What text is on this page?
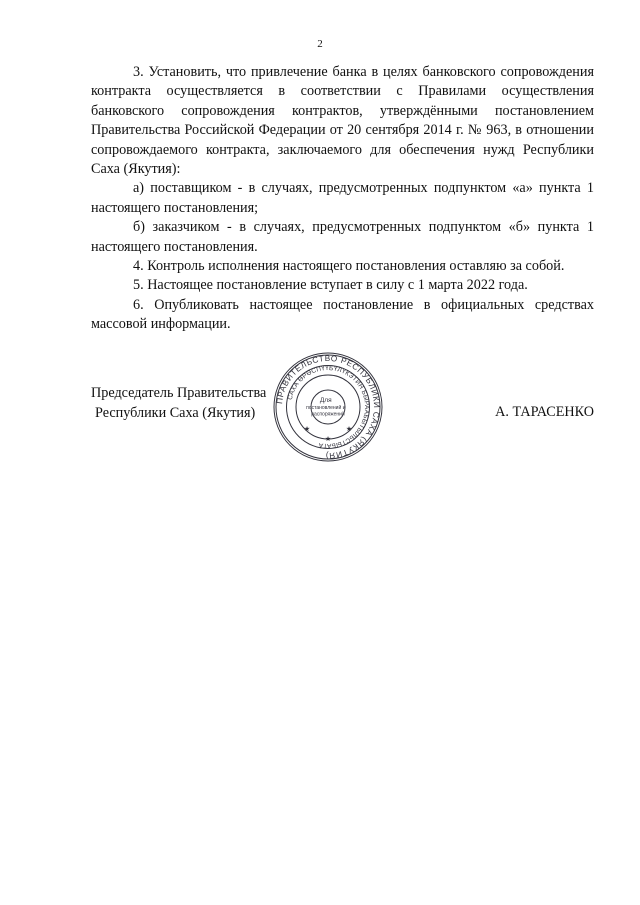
2

3. Установить, что привлечение банка в целях банковского сопровождения контракта осуществляется в соответствии с Правилами осуществления банковского сопровождения контрактов, утверждёнными постановлением Правительства Российской Федерации от 20 сентября 2014 г. № 963, в отношении сопровождаемого контракта, заключаемого для обеспечения нужд Республики Саха (Якутия):

а) поставщиком - в случаях, предусмотренных подпунктом «а» пункта 1 настоящего постановления;

б) заказчиком - в случаях, предусмотренных подпунктом «б» пункта 1 настоящего постановления.

4. Контроль исполнения настоящего постановления оставляю за собой.

5. Настоящее постановление вступает в силу с 1 марта 2022 года.

6. Опубликовать настоящее постановление в официальных средствах массовой информации.

Председатель Правительства
Республики Саха (Якутия)	А. ТАРАСЕНКО
★	★
★
ПРАВИТЕЛЬСТВО РЕСПУБЛИКИ САХА (ЯКУТИЯ)
САХА ӨРӨСПҮҮБҮЛҮКЭТИН БЫРААБЫТЫЛЬСТЫБАТА
Для постановлений и распоряжений
